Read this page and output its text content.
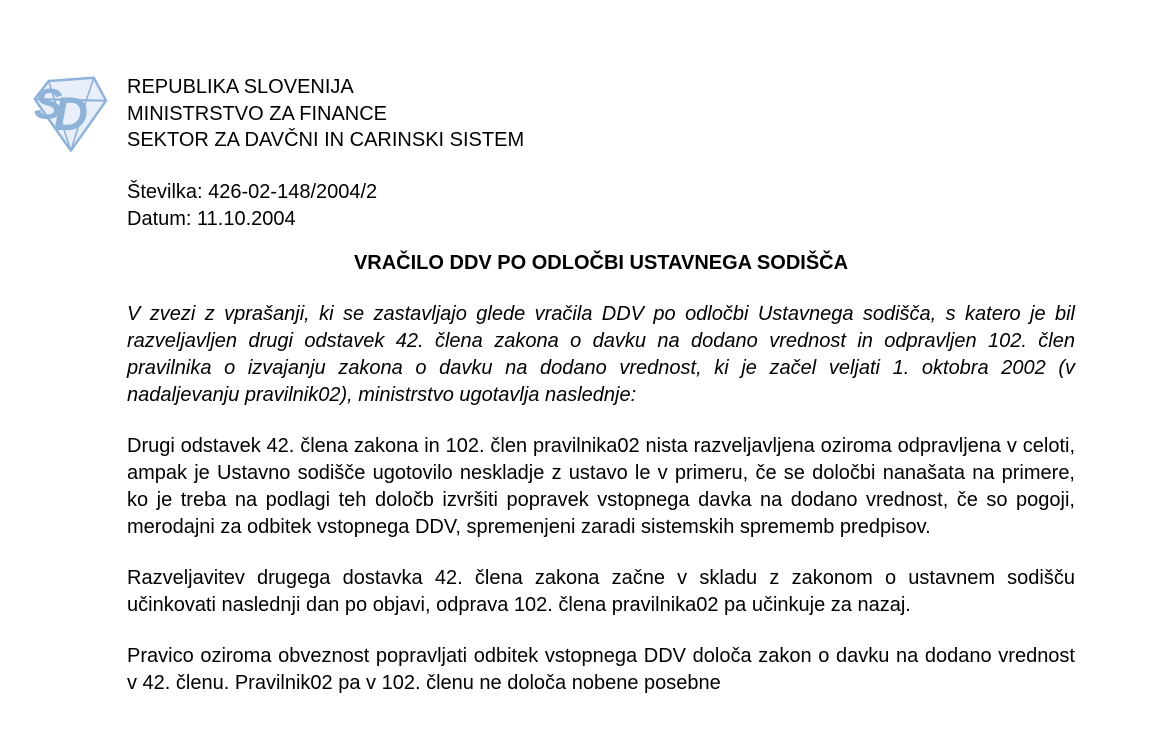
S
D
REPUBLIKA SLOVENIJA
MINISTRSTVO ZA FINANCE
SEKTOR ZA DAVČNI IN CARINSKI SISTEM
Številka: 426-02-148/2004/2
Datum: 11.10.2004
VRAČILO DDV PO ODLOČBI USTAVNEGA SODIŠČA

V zvezi z vprašanji, ki se zastavljajo glede vračila DDV po odločbi Ustavnega sodišča, s katero je bil razveljavljen drugi odstavek 42. člena zakona o davku na dodano vrednost in odpravljen 102. člen pravilnika o izvajanju zakona o davku na dodano vrednost, ki je začel veljati 1. oktobra 2002 (v nadaljevanju pravilnik02), ministrstvo ugotavlja naslednje:

Drugi odstavek 42. člena zakona in 102. člen pravilnika02 nista razveljavljena oziroma odpravljena v celoti, ampak je Ustavno sodišče ugotovilo neskladje z ustavo le v primeru, če se določbi nanašata na primere, ko je treba na podlagi teh določb izvršiti popravek vstopnega davka na dodano vrednost, če so pogoji, merodajni za odbitek vstopnega DDV, spremenjeni zaradi sistemskih sprememb predpisov.

Razveljavitev drugega dostavka 42. člena zakona začne v skladu z zakonom o ustavnem sodišču učinkovati naslednji dan po objavi, odprava 102. člena pravilnika02 pa učinkuje za nazaj.

Pravico oziroma obveznost popravljati odbitek vstopnega DDV določa zakon o davku na dodano vrednost v 42. členu. Pravilnik02 pa v 102. členu ne določa nobene posebne
